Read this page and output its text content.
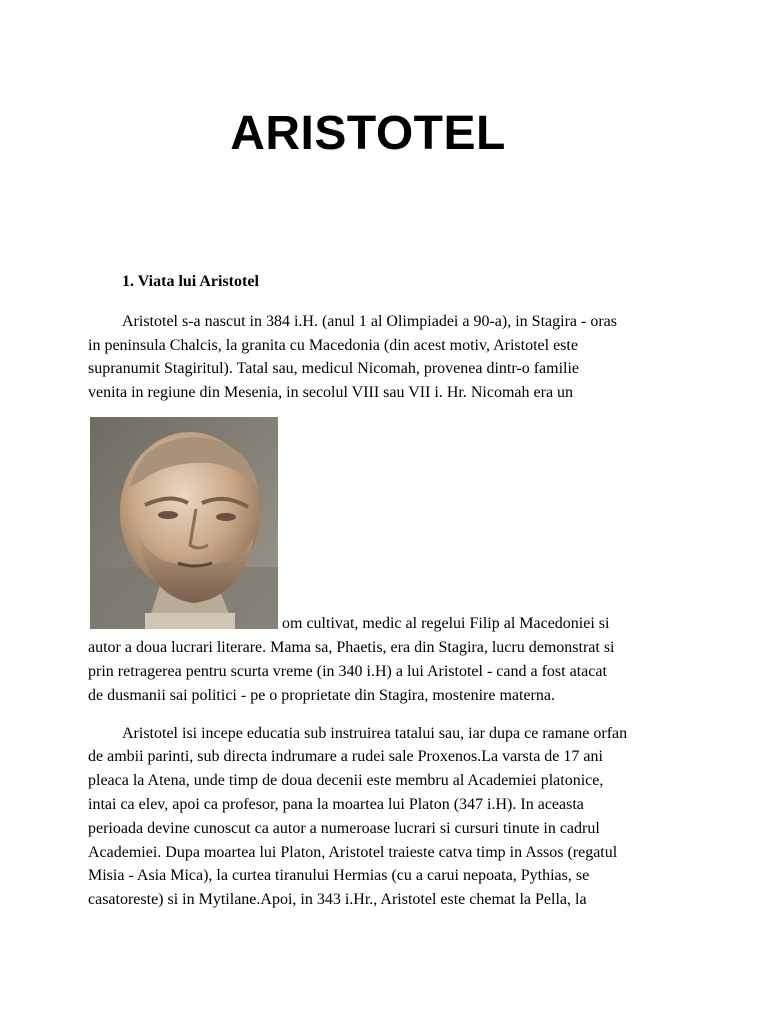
ARISTOTEL
1. Viata lui Aristotel
Aristotel s-a nascut in 384 i.H. (anul 1 al Olimpiadei a 90-a), in Stagira - oras
in peninsula Chalcis, la granita cu Macedonia (din acest motiv, Aristotel este
supranumit Stagiritul). Tatal sau, medicul Nicomah, provenea dintr-o familie
venita in regiune din Mesenia, in secolul VIII sau VII i. Hr. Nicomah era un
om cultivat, medic al regelui Filip al Macedoniei si
autor a doua lucrari literare. Mama sa, Phaetis, era din Stagira, lucru demonstrat si
prin retragerea pentru scurta vreme (in 340 i.H) a lui Aristotel - cand a fost atacat
de dusmanii sai politici - pe o proprietate din Stagira, mostenire materna.
Aristotel isi incepe educatia sub instruirea tatalui sau, iar dupa ce ramane orfan
de ambii parinti, sub directa indrumare a rudei sale Proxenos.La varsta de 17 ani
pleaca la Atena, unde timp de doua decenii este membru al Academiei platonice,
intai ca elev, apoi ca profesor, pana la moartea lui Platon (347 i.H). In aceasta
perioada devine cunoscut ca autor a numeroase lucrari si cursuri tinute in cadrul
Academiei. Dupa moartea lui Platon, Aristotel traieste catva timp in Assos (regatul
Misia - Asia Mica), la curtea tiranului Hermias (cu a carui nepoata, Pythias, se
casatoreste) si in Mytilane.Apoi, in 343 i.Hr., Aristotel este chemat la Pella, la
